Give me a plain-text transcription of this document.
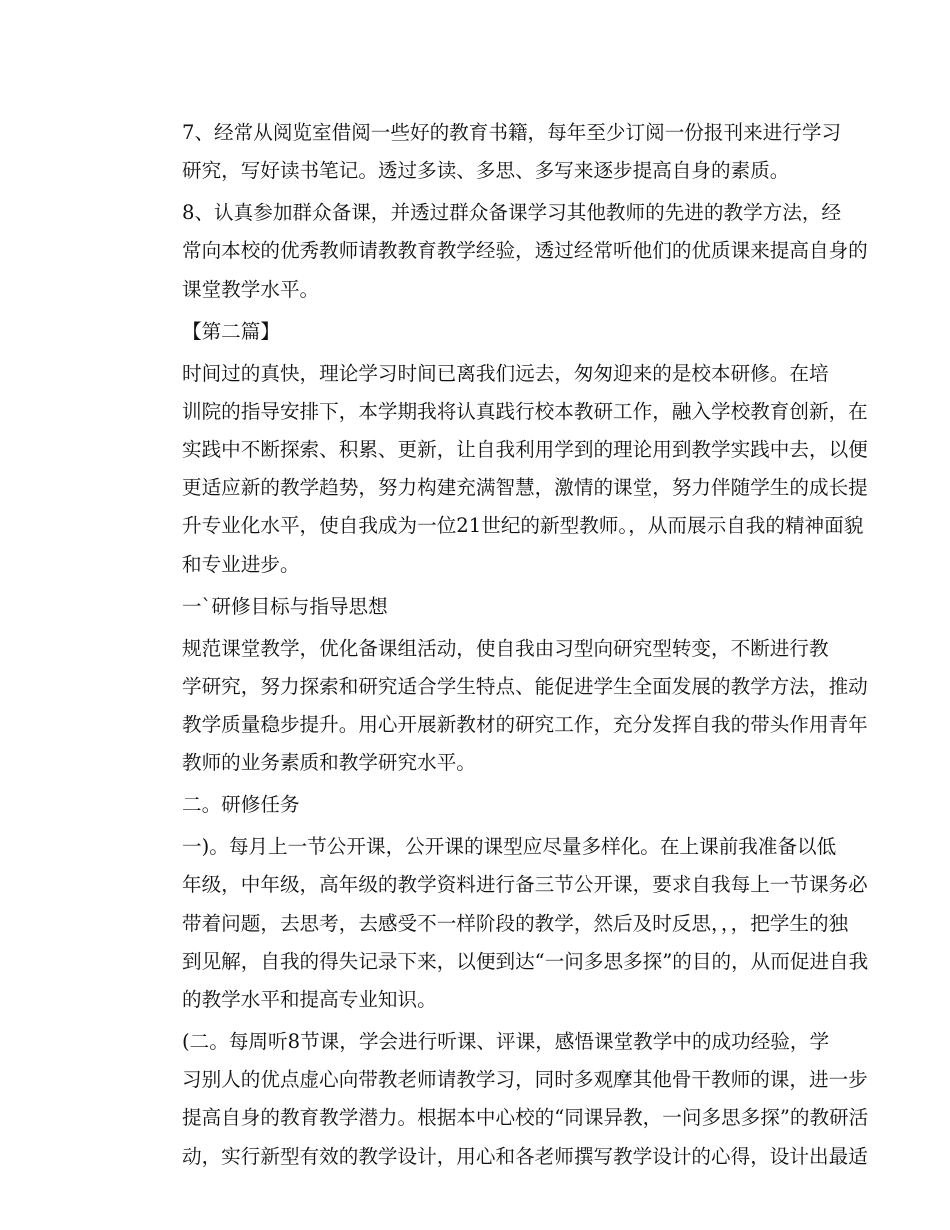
7、经常从阅览室借阅一些好的教育书籍，每年至少订阅一份报刊来进行学习
研究，写好读书笔记。透过多读、多思、多写来逐步提高自身的素质。

8、认真参加群众备课，并透过群众备课学习其他教师的先进的教学方法，经
常向本校的优秀教师请教教育教学经验，透过经常听他们的优质课来提高自身的
课堂教学水平。

【第二篇】

时间过的真快，理论学习时间已离我们远去，匆匆迎来的是校本研修。在培
训院的指导安排下，本学期我将认真践行校本教研工作，融入学校教育创新，在
实践中不断探索、积累、更新，让自我利用学到的理论用到教学实践中去，以便
更适应新的教学趋势，努力构建充满智慧，激情的课堂，努力伴随学生的成长提
升专业化水平，使自我成为一位21世纪的新型教师。，从而展示自我的精神面貌
和专业进步。

一`研修目标与指导思想

规范课堂教学，优化备课组活动，使自我由习型向研究型转变，不断进行教
学研究，努力探索和研究适合学生特点、能促进学生全面发展的教学方法，推动
教学质量稳步提升。用心开展新教材的研究工作，充分发挥自我的带头作用青年
教师的业务素质和教学研究水平。

二。研修任务

一)。每月上一节公开课，公开课的课型应尽量多样化。在上课前我准备以低
年级，中年级，高年级的教学资料进行备三节公开课，要求自我每上一节课务必
带着问题，去思考，去感受不一样阶段的教学，然后及时反思，，，把学生的独
到见解，自我的得失记录下来，以便到达“一问多思多探”的目的，从而促进自我
的教学水平和提高专业知识。

(二。每周听8节课，学会进行听课、评课，感悟课堂教学中的成功经验，学
习别人的优点虚心向带教老师请教学习，同时多观摩其他骨干教师的课，进一步
提高自身的教育教学潜力。根据本中心校的“同课异教，一问多思多探”的教研活
动，实行新型有效的教学设计，用心和各老师撰写教学设计的心得，设计出最适
